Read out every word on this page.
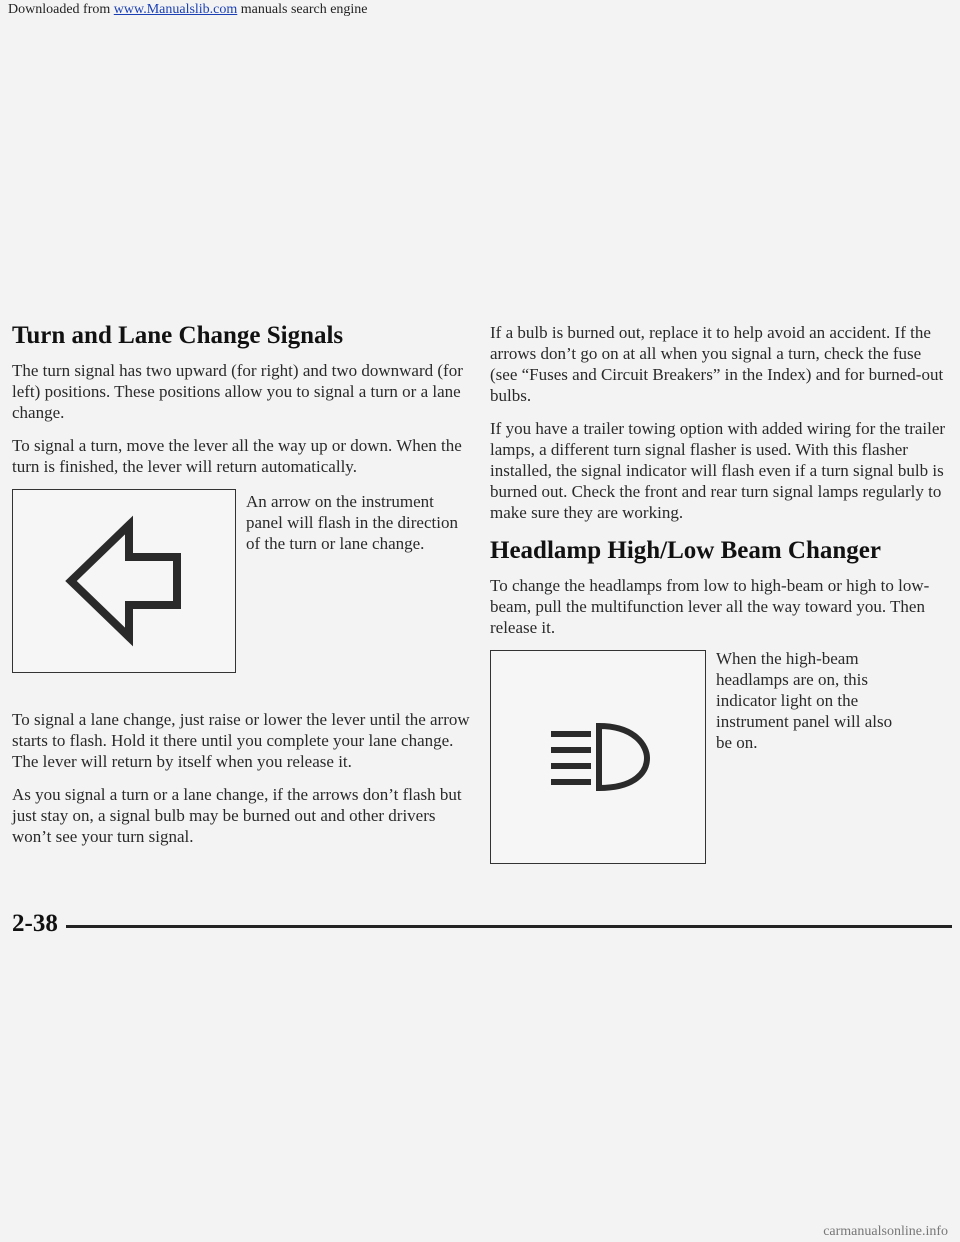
Downloaded from www.Manualslib.com manuals search engine
Turn and Lane Change Signals

The turn signal has two upward (for right) and two downward (for left) positions. These positions allow you to signal a turn or a lane change.

To signal a turn, move the lever all the way up or down. When the turn is finished, the lever will return automatically.

An arrow on the instrument panel will flash in the direction of the turn or lane change.

To signal a lane change, just raise or lower the lever until the arrow starts to flash. Hold it there until you complete your lane change. The lever will return by itself when you release it.

As you signal a turn or a lane change, if the arrows don’t flash but just stay on, a signal bulb may be burned out and other drivers won’t see your turn signal.

If a bulb is burned out, replace it to help avoid an accident. If the arrows don’t go on at all when you signal a turn, check the fuse (see “Fuses and Circuit Breakers” in the Index) and for burned-out bulbs.

If you have a trailer towing option with added wiring for the trailer lamps, a different turn signal flasher is used. With this flasher installed, the signal indicator will flash even if a turn signal bulb is burned out. Check the front and rear turn signal lamps regularly to make sure they are working.

Headlamp High/Low Beam Changer

To change the headlamps from low to high-beam or high to low-beam, pull the multifunction lever all the way toward you. Then release it.

When the high-beam headlamps are on, this indicator light on the instrument panel will also be on.
2-38
carmanualsonline.info
